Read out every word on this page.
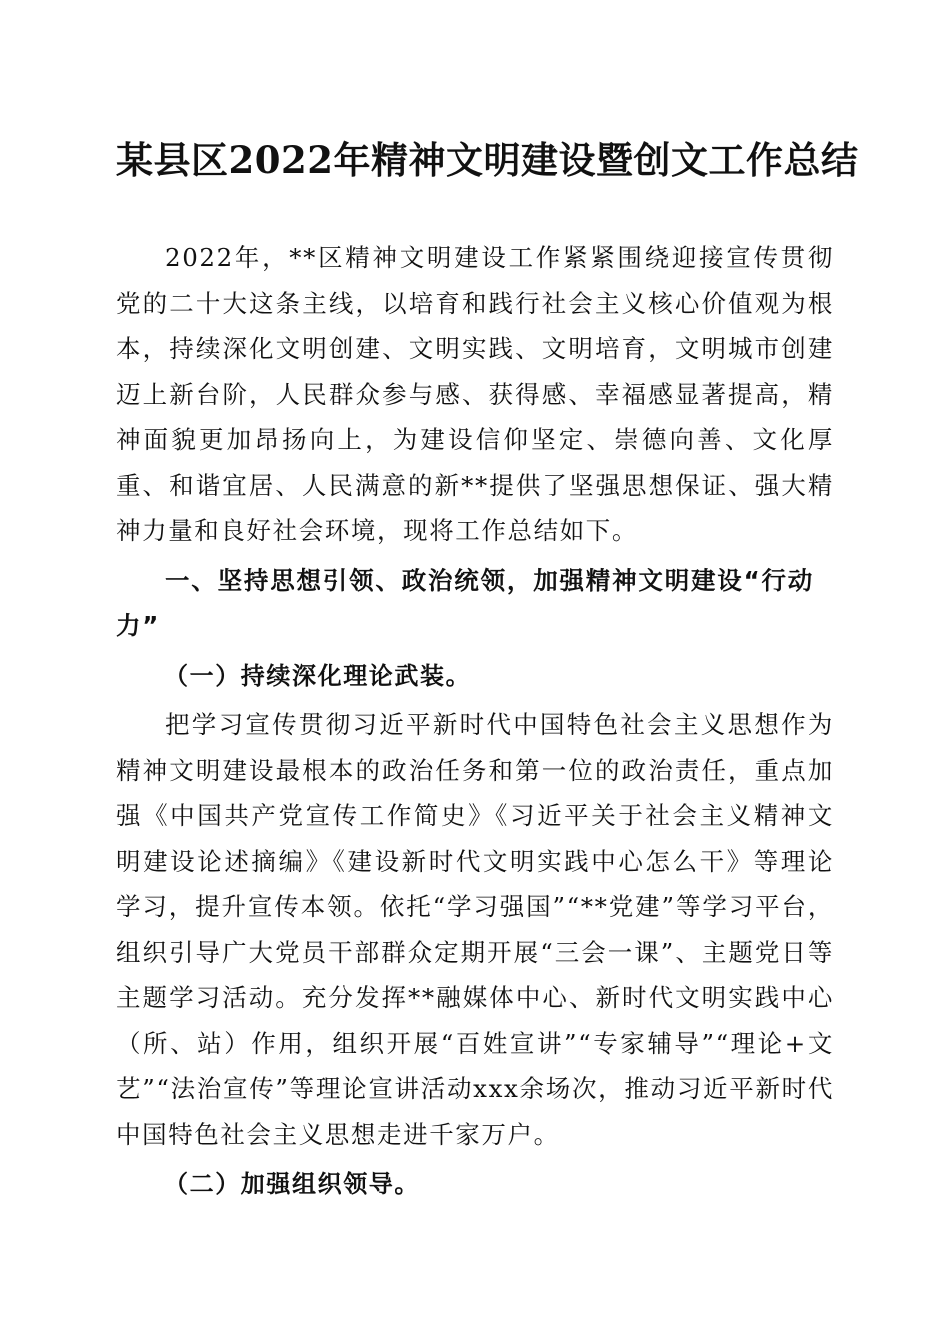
某县区2022年精神文明建设暨创文工作总结

2022年，**区精神文明建设工作紧紧围绕迎接宣传贯彻党的二十大这条主线，以培育和践行社会主义核心价值观为根本，持续深化文明创建、文明实践、文明培育，文明城市创建迈上新台阶，人民群众参与感、获得感、幸福感显著提高，精神面貌更加昂扬向上，为建设信仰坚定、崇德向善、文化厚重、和谐宜居、人民满意的新**提供了坚强思想保证、强大精神力量和良好社会环境，现将工作总结如下。

一、坚持思想引领、政治统领，加强精神文明建设“行动力”
（一）持续深化理论武装。

把学习宣传贯彻习近平新时代中国特色社会主义思想作为精神文明建设最根本的政治任务和第一位的政治责任，重点加强《中国共产党宣传工作简史》《习近平关于社会主义精神文明建设论述摘编》《建设新时代文明实践中心怎么干》等理论学习，提升宣传本领。依托“学习强国”“**党建”等学习平台，组织引导广大党员干部群众定期开展“三会一课”、主题党日等主题学习活动。充分发挥**融媒体中心、新时代文明实践中心（所、站）作用，组织开展“百姓宣讲”“专家辅导”“理论+文艺”“法治宣传”等理论宣讲活动xxx余场次，推动习近平新时代中国特色社会主义思想走进千家万户。

（二）加强组织领导。
